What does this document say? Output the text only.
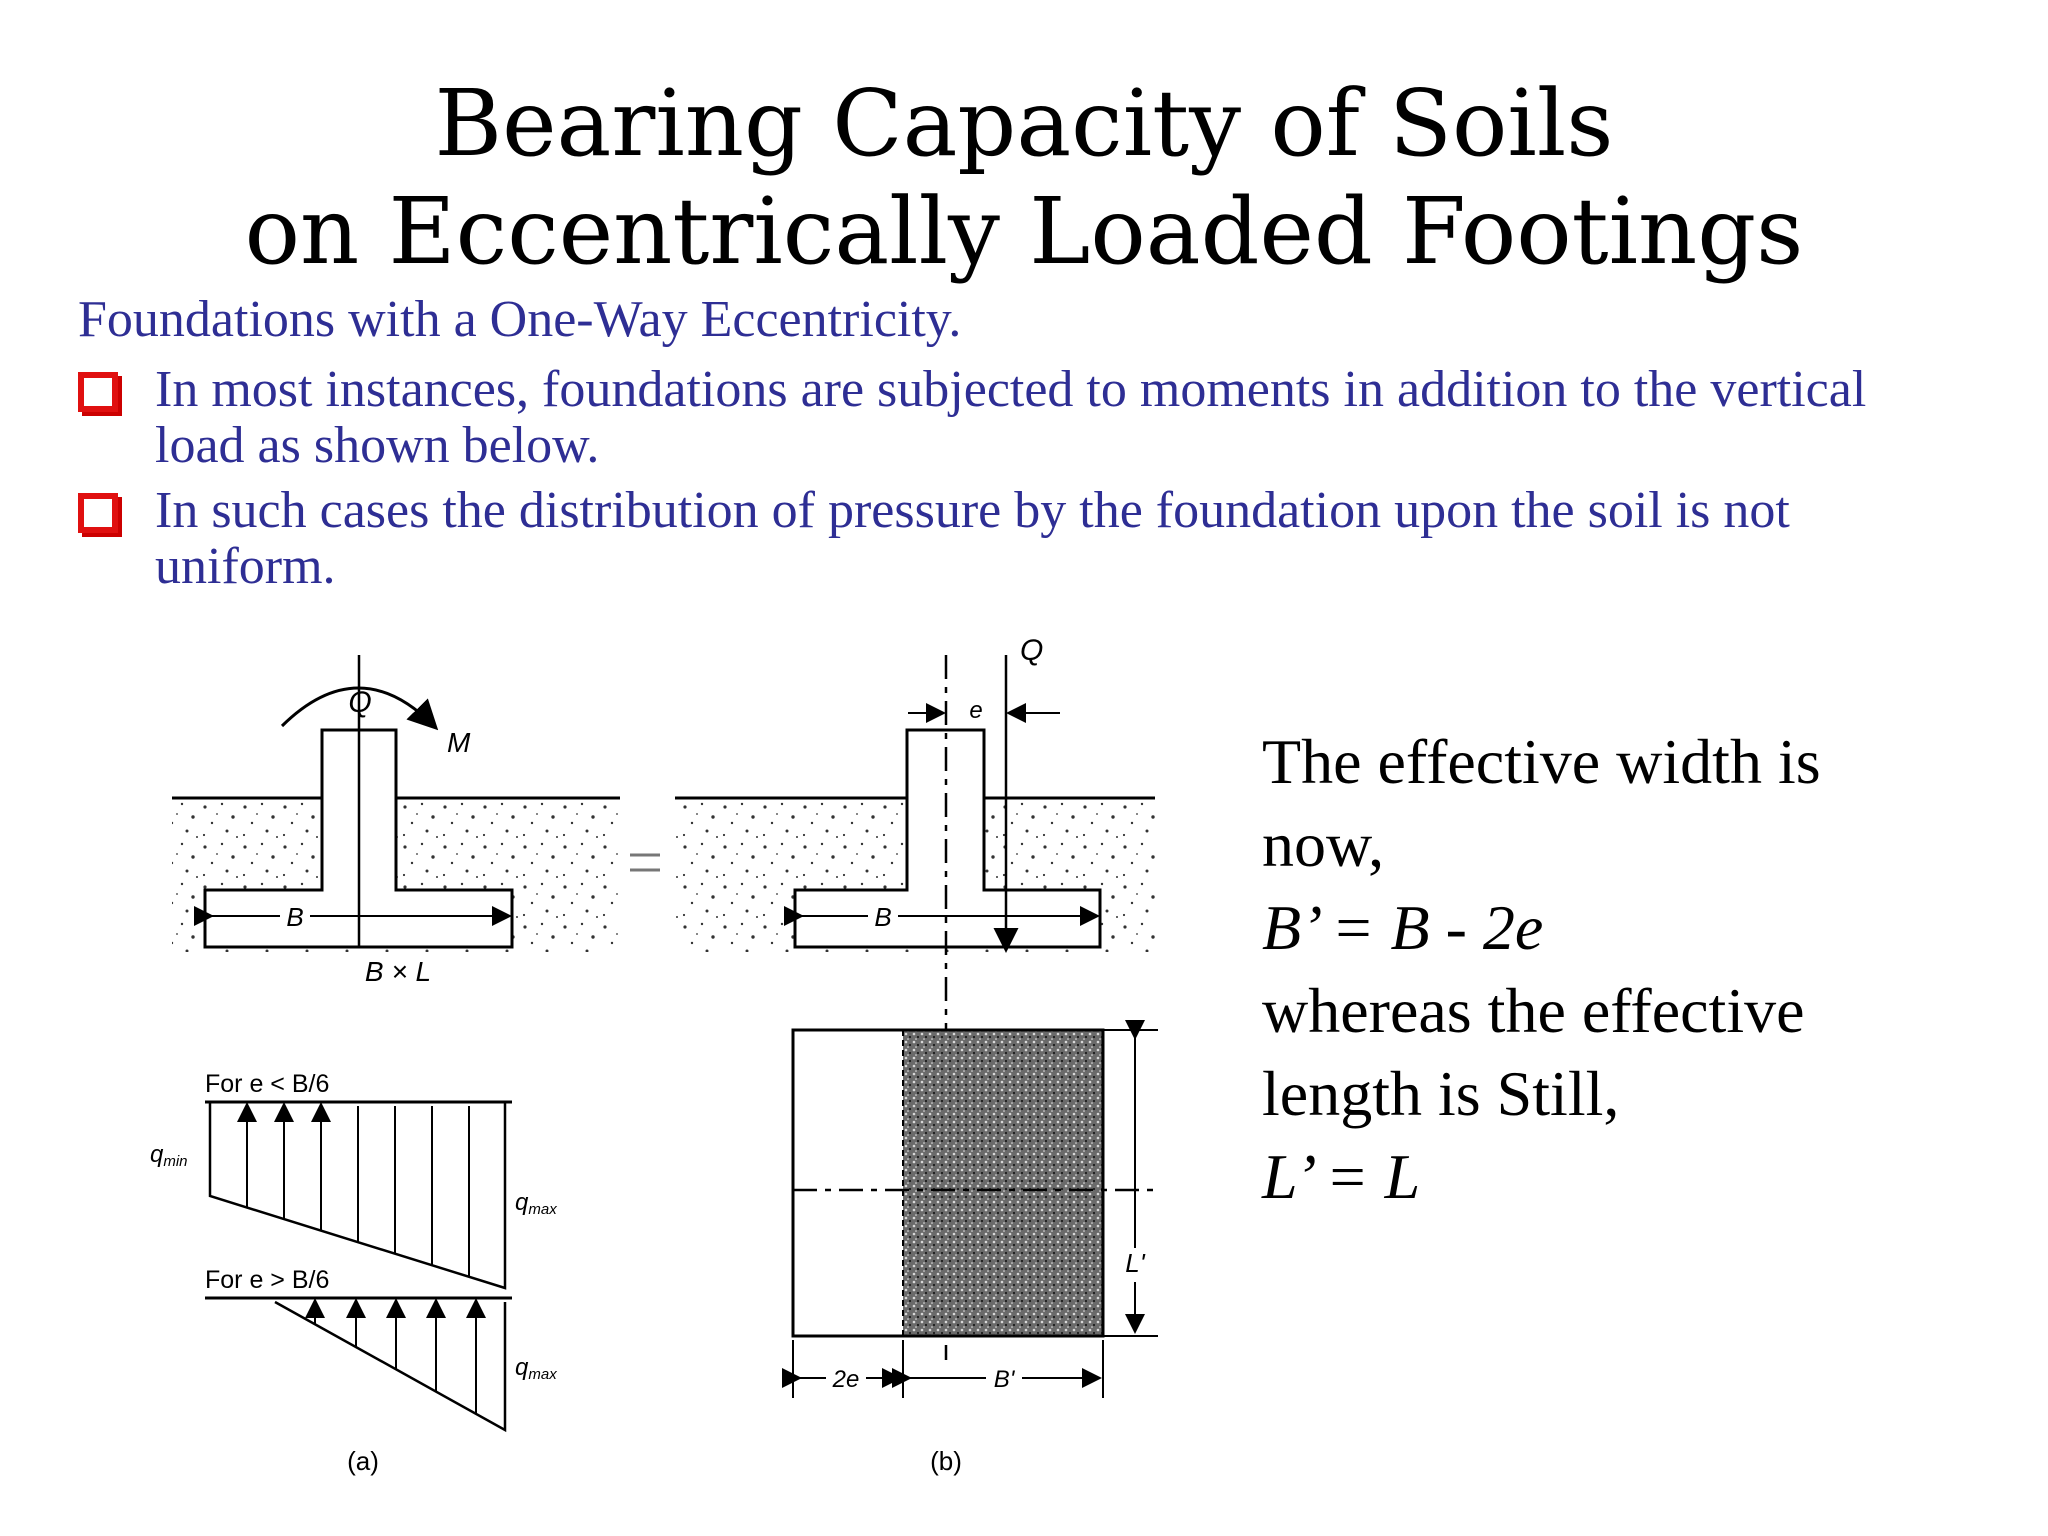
Bearing Capacity of Soils
on Eccentrically Loaded Footings
Foundations with a One-Way Eccentricity.
In most instances, foundations are subjected to moments in addition to the vertical
load as shown below.
In such cases the distribution of pressure by the foundation upon the soil is not
uniform.
Q
M
B
B × L
For e < B/6
qmin
qmax
For e > B/6
qmax
(a)
Q
e
B
L'
2e	B'
(b)
The effective width is
now,
B’ = B - 2e
whereas the effective
length is Still,
L’ = L
